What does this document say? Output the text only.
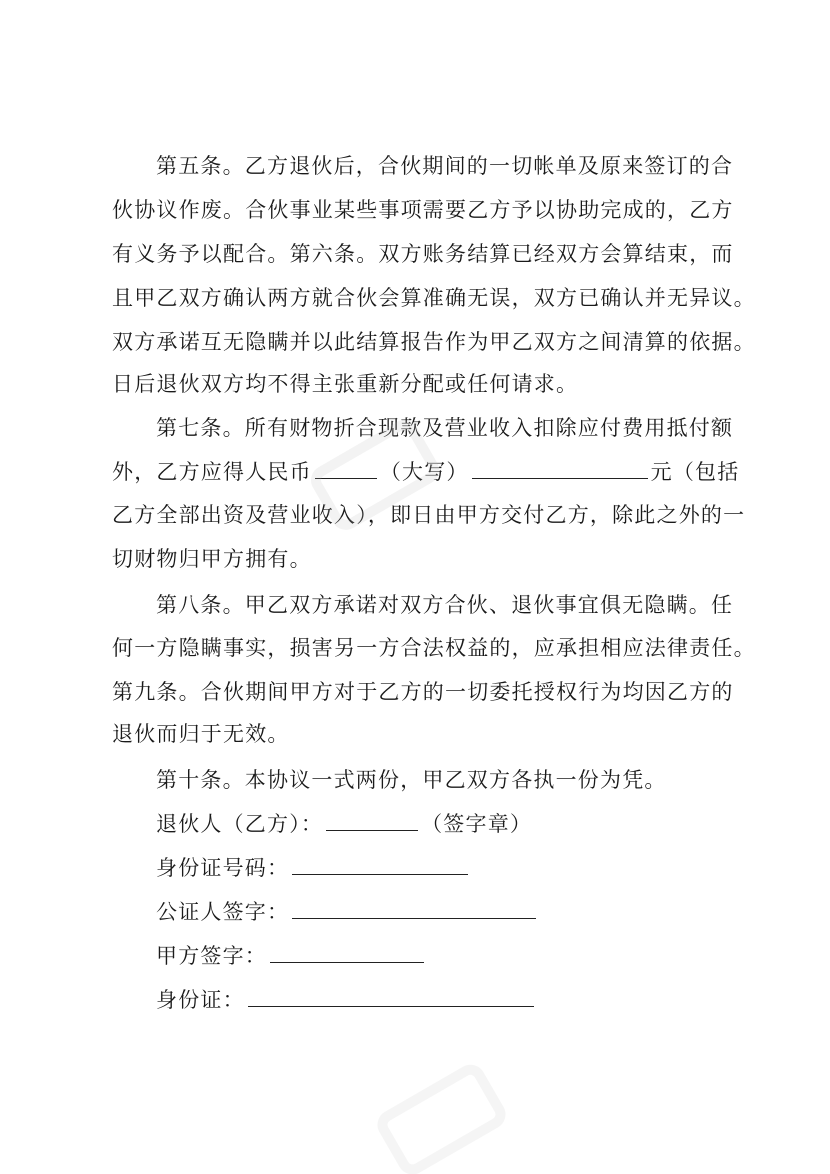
第五条。乙方退伙后，合伙期间的一切帐单及原来签订的合
伙协议作废。合伙事业某些事项需要乙方予以协助完成的，乙方
有义务予以配合。第六条。双方账务结算已经双方会算结束，而
且甲乙双方确认两方就合伙会算准确无误，双方已确认并无异议。
双方承诺互无隐瞒并以此结算报告作为甲乙双方之间清算的依据。
日后退伙双方均不得主张重新分配或任何请求。
第七条。所有财物折合现款及营业收入扣除应付费用抵付额
外，乙方应得人民币	（大写）	元（包括
乙方全部出资及营业收入），即日由甲方交付乙方，除此之外的一
切财物归甲方拥有。
第八条。甲乙双方承诺对双方合伙、退伙事宜俱无隐瞒。任
何一方隐瞒事实，损害另一方合法权益的，应承担相应法律责任。
第九条。合伙期间甲方对于乙方的一切委托授权行为均因乙方的
退伙而归于无效。
第十条。本协议一式两份，甲乙双方各执一份为凭。
退伙人（乙方）：	（签字章）
身份证号码：
公证人签字：
甲方签字：
身份证：
